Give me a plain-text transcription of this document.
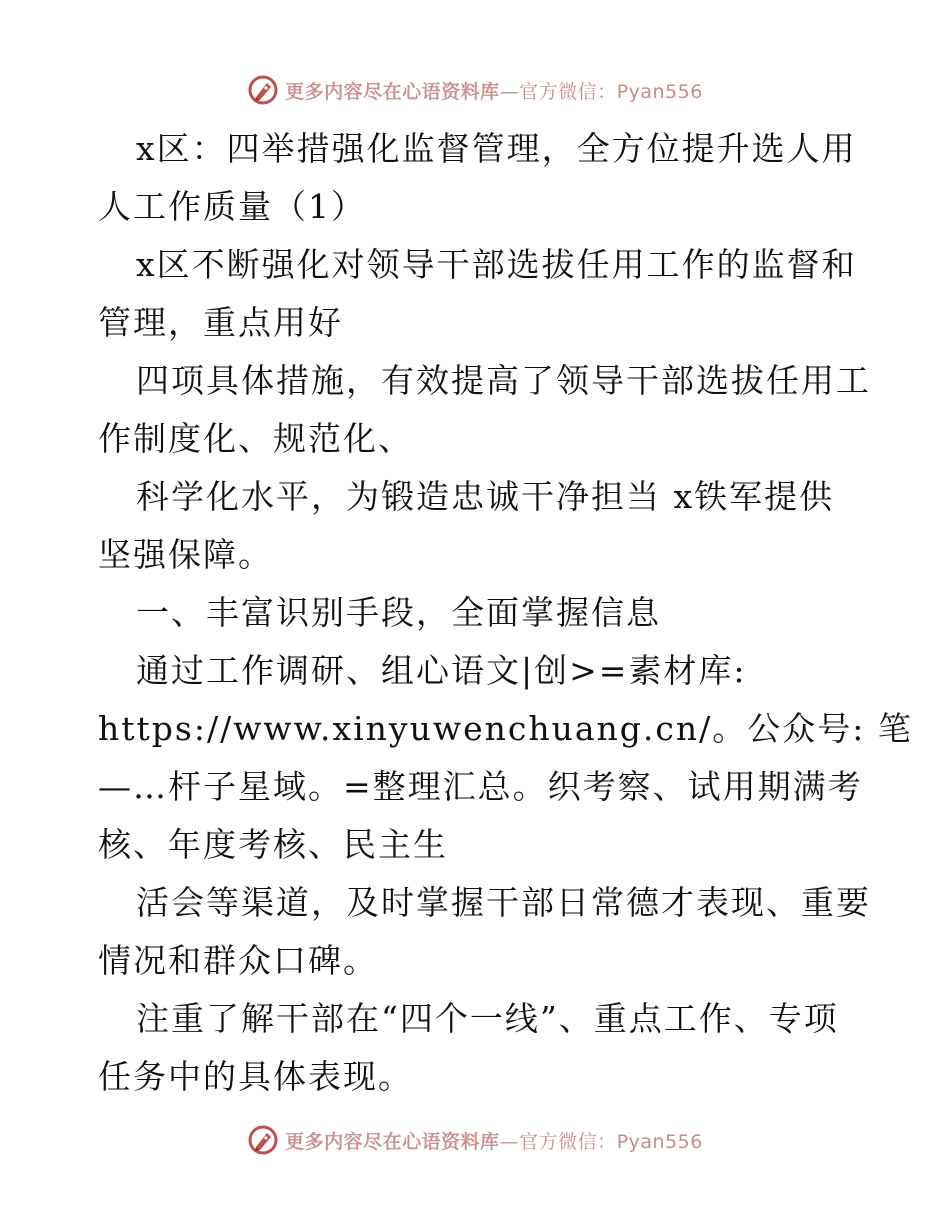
更多内容尽在心语资料库—官方微信：Pyan556
x区：四举措强化监督管理，全方位提升选人用
人工作质量（1）
x区不断强化对领导干部选拔任用工作的监督和
管理，重点用好
四项具体措施，有效提高了领导干部选拔任用工
作制度化、规范化、
科学化水平，为锻造忠诚干净担当 x铁军提供
坚强保障。
一、丰富识别手段，全面掌握信息
通过工作调研、组心语文|创>=素材库:
https://www.xinyuwenchuang.cn/。公众号: 笔
—…杆子星域。=整理汇总。织考察、试用期满考
核、年度考核、民主生
活会等渠道，及时掌握干部日常德才表现、重要
情况和群众口碑。
注重了解干部在“四个一线”、重点工作、专项
任务中的具体表现。
更多内容尽在心语资料库—官方微信：Pyan556
